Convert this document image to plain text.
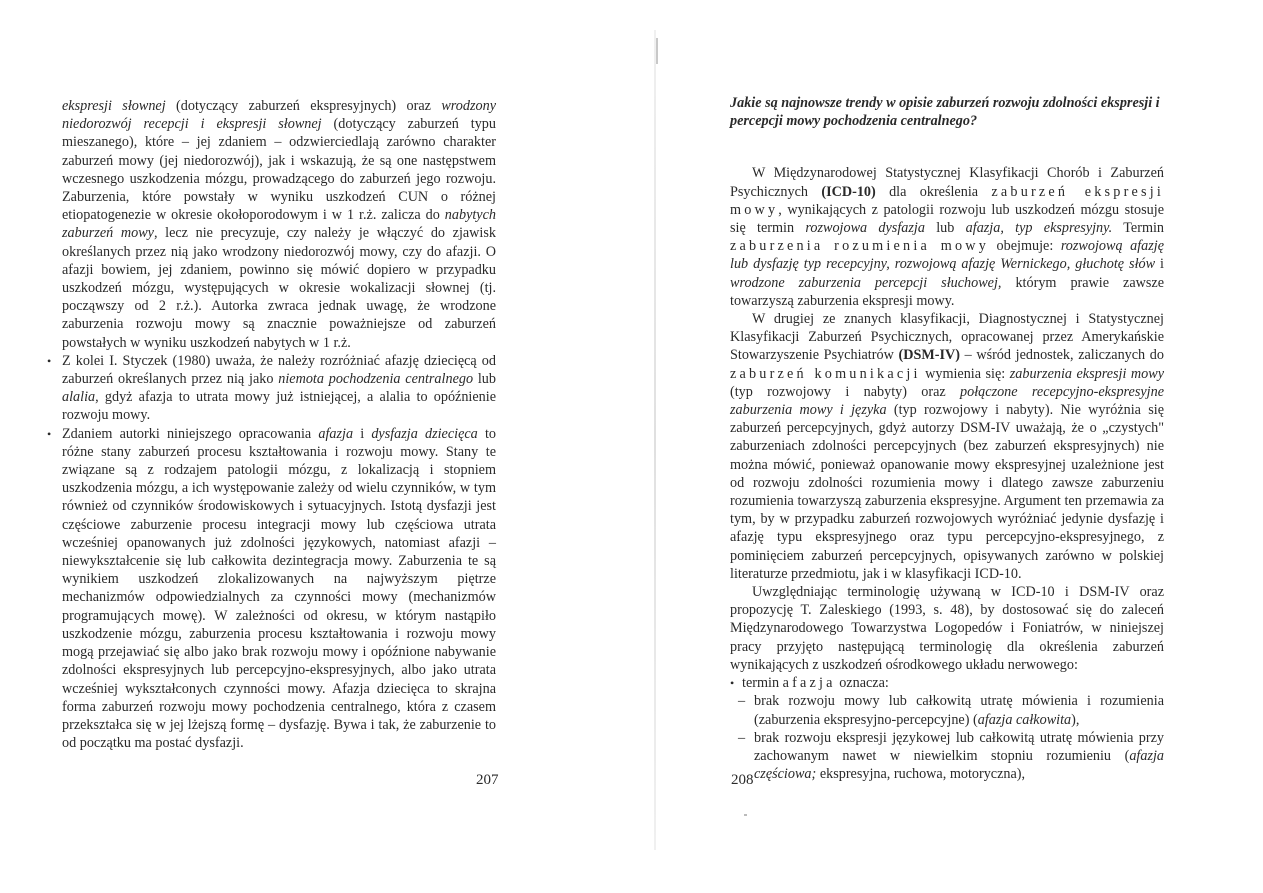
ekspresji słownej (dotyczący zaburzeń ekspresyjnych) oraz wrodzony niedorozwój recepcji i ekspresji słownej (dotyczący zaburzeń typu mieszanego), które – jej zdaniem – odzwierciedlają zarówno charakter zaburzeń mowy (jej niedorozwój), jak i wskazują, że są one następstwem wczesnego uszkodzenia mózgu, prowadzącego do zaburzeń jego rozwoju. Zaburzenia, które powstały w wyniku uszkodzeń CUN o różnej etiopatogenezie w okresie okołoporodowym i w 1 r.ż. zalicza do nabytych zaburzeń mowy, lecz nie precyzuje, czy należy je włączyć do zjawisk określanych przez nią jako wrodzony niedorozwój mowy, czy do afazji. O afazji bowiem, jej zdaniem, powinno się mówić dopiero w przypadku uszkodzeń mózgu, występujących w okresie wokalizacji słownej (tj. począwszy od 2 r.ż.). Autorka zwraca jednak uwagę, że wrodzone zaburzenia rozwoju mowy są znacznie poważniejsze od zaburzeń powstałych w wyniku uszkodzeń nabytych w 1 r.ż.

• Z kolei I. Styczek (1980) uważa, że należy rozróżniać afazję dziecięcą od zaburzeń określanych przez nią jako niemota pochodzenia centralnego lub alalia, gdyż afazja to utrata mowy już istniejącej, a alalia to opóźnienie rozwoju mowy.

• Zdaniem autorki niniejszego opracowania afazja i dysfazja dziecięca to różne stany zaburzeń procesu kształtowania i rozwoju mowy. Stany te związane są z rodzajem patologii mózgu, z lokalizacją i stopniem uszkodzenia mózgu, a ich występowanie zależy od wielu czynników, w tym również od czynników środowiskowych i sytuacyjnych. Istotą dysfazji jest częściowe zaburzenie procesu integracji mowy lub częściowa utrata wcześniej opanowanych już zdolności językowych, natomiast afazji – niewykształcenie się lub całkowita dezintegracja mowy. Zaburzenia te są wynikiem uszkodzeń zlokalizowanych na najwyższym piętrze mechanizmów odpowiedzialnych za czynności mowy (mechanizmów programujących mowę). W zależności od okresu, w którym nastąpiło uszkodzenie mózgu, zaburzenia procesu kształtowania i rozwoju mowy mogą przejawiać się albo jako brak rozwoju mowy i opóźnione nabywanie zdolności ekspresyjnych lub percepcyjno-ekspresyjnych, albo jako utrata wcześniej wykształconych czynności mowy. Afazja dziecięca to skrajna forma zaburzeń rozwoju mowy pochodzenia centralnego, która z czasem przekształca się w jej lżejszą formę – dysfazję. Bywa i tak, że zaburzenie to od początku ma postać dysfazji.

207

Jakie są najnowsze trendy w opisie zaburzeń rozwoju zdolności ekspresji i percepcji mowy pochodzenia centralnego?

W Międzynarodowej Statystycznej Klasyfikacji Chorób i Zaburzeń Psychicznych (ICD-10) dla określenia zaburzeń ekspresji mowy, wynikających z patologii rozwoju lub uszkodzeń mózgu stosuje się termin rozwojowa dysfazja lub afazja, typ ekspresyjny. Termin zaburzenia rozumienia mowy obejmuje: rozwojową afazję lub dysfazję typ recepcyjny, rozwojową afazję Wernickego, głuchotę słów i wrodzone zaburzenia percepcji słuchowej, którym prawie zawsze towarzyszą zaburzenia ekspresji mowy.

W drugiej ze znanych klasyfikacji, Diagnostycznej i Statystycznej Klasyfikacji Zaburzeń Psychicznych, opracowanej przez Amerykańskie Stowarzyszenie Psychiatrów (DSM-IV) – wśród jednostek, zaliczanych do zaburzeń komunikacji wymienia się: zaburzenia ekspresji mowy (typ rozwojowy i nabyty) oraz połączone recepcyjno-ekspresyjne zaburzenia mowy i języka (typ rozwojowy i nabyty). Nie wyróżnia się zaburzeń percepcyjnych, gdyż autorzy DSM-IV uważają, że o „czystych" zaburzeniach zdolności percepcyjnych (bez zaburzeń ekspresyjnych) nie można mówić, ponieważ opanowanie mowy ekspresyjnej uzależnione jest od rozwoju zdolności rozumienia mowy i dlatego zawsze zaburzeniu rozumienia towarzyszą zaburzenia ekspresyjne. Argument ten przemawia za tym, by w przypadku zaburzeń rozwojowych wyróżniać jedynie dysfazję i afazję typu ekspresyjnego oraz typu percepcyjno-ekspresyjnego, z pominięciem zaburzeń percepcyjnych, opisywanych zarówno w polskiej literaturze przedmiotu, jak i w klasyfikacji ICD-10.

Uwzględniając terminologię używaną w ICD-10 i DSM-IV oraz propozycję T. Zaleskiego (1993, s. 48), by dostosować się do zaleceń Międzynarodowego Towarzystwa Logopedów i Foniatrów, w niniejszej pracy przyjęto następującą terminologię dla określenia zaburzeń wynikających z uszkodzeń ośrodkowego układu nerwowego:

• termin afazja oznacza:

– brak rozwoju mowy lub całkowitą utratę mówienia i rozumienia (zaburzenia ekspresyjno-percepcyjne) (afazja całkowita),

– brak rozwoju ekspresji językowej lub całkowitą utratę mówienia przy zachowanym nawet w niewielkim stopniu rozumieniu (afazja częściowa; ekspresyjna, ruchowa, motoryczna),

208
